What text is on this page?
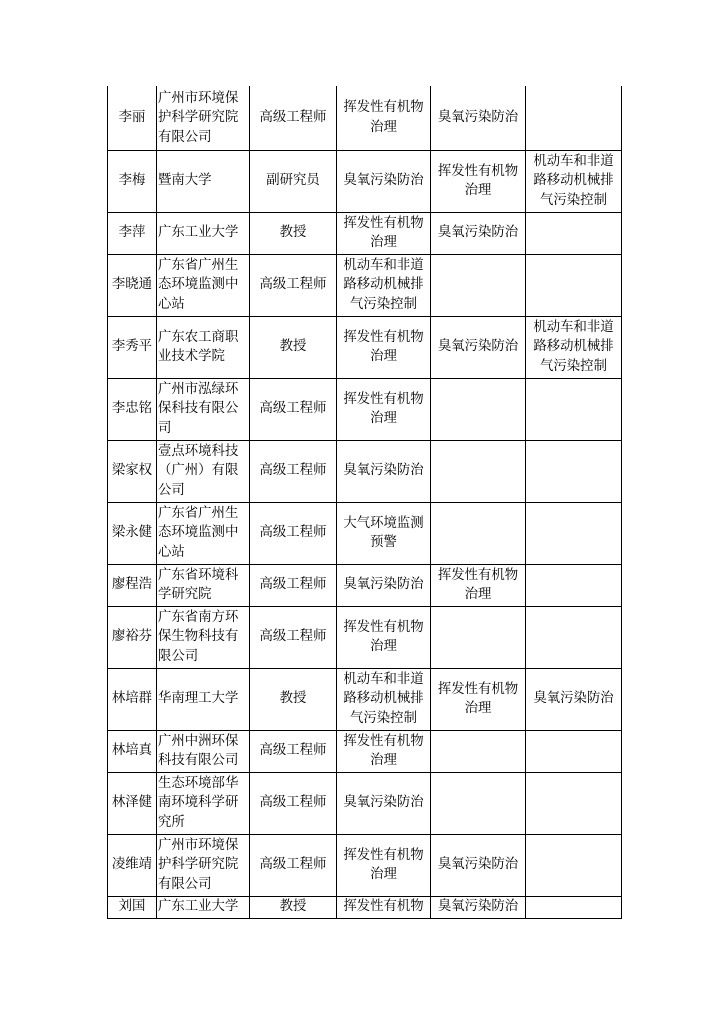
李丽	广州市环境保护科学研究院有限公司	高级工程师	挥发性有机物治理	臭氧污染防治	
李梅	暨南大学	副研究员	臭氧污染防治	挥发性有机物治理	机动车和非道路移动机械排气污染控制
李萍	广东工业大学	教授	挥发性有机物治理	臭氧污染防治	
李晓通	广东省广州生态环境监测中心站	高级工程师	机动车和非道路移动机械排气污染控制		
李秀平	广东农工商职业技术学院	教授	挥发性有机物治理	臭氧污染防治	机动车和非道路移动机械排气污染控制
李忠铭	广州市泓绿环保科技有限公司	高级工程师	挥发性有机物治理		
梁家权	壹点环境科技（广州）有限公司	高级工程师	臭氧污染防治		
梁永健	广东省广州生态环境监测中心站	高级工程师	大气环境监测预警		
廖程浩	广东省环境科学研究院	高级工程师	臭氧污染防治	挥发性有机物治理	
廖裕芬	广东省南方环保生物科技有限公司	高级工程师	挥发性有机物治理		
林培群	华南理工大学	教授	机动车和非道路移动机械排气污染控制	挥发性有机物治理	臭氧污染防治
林培真	广州中洲环保科技有限公司	高级工程师	挥发性有机物治理		
林泽健	生态环境部华南环境科学研究所	高级工程师	臭氧污染防治		
凌维靖	广州市环境保护科学研究院有限公司	高级工程师	挥发性有机物治理	臭氧污染防治	
刘国	广东工业大学	教授	挥发性有机物	臭氧污染防治	
